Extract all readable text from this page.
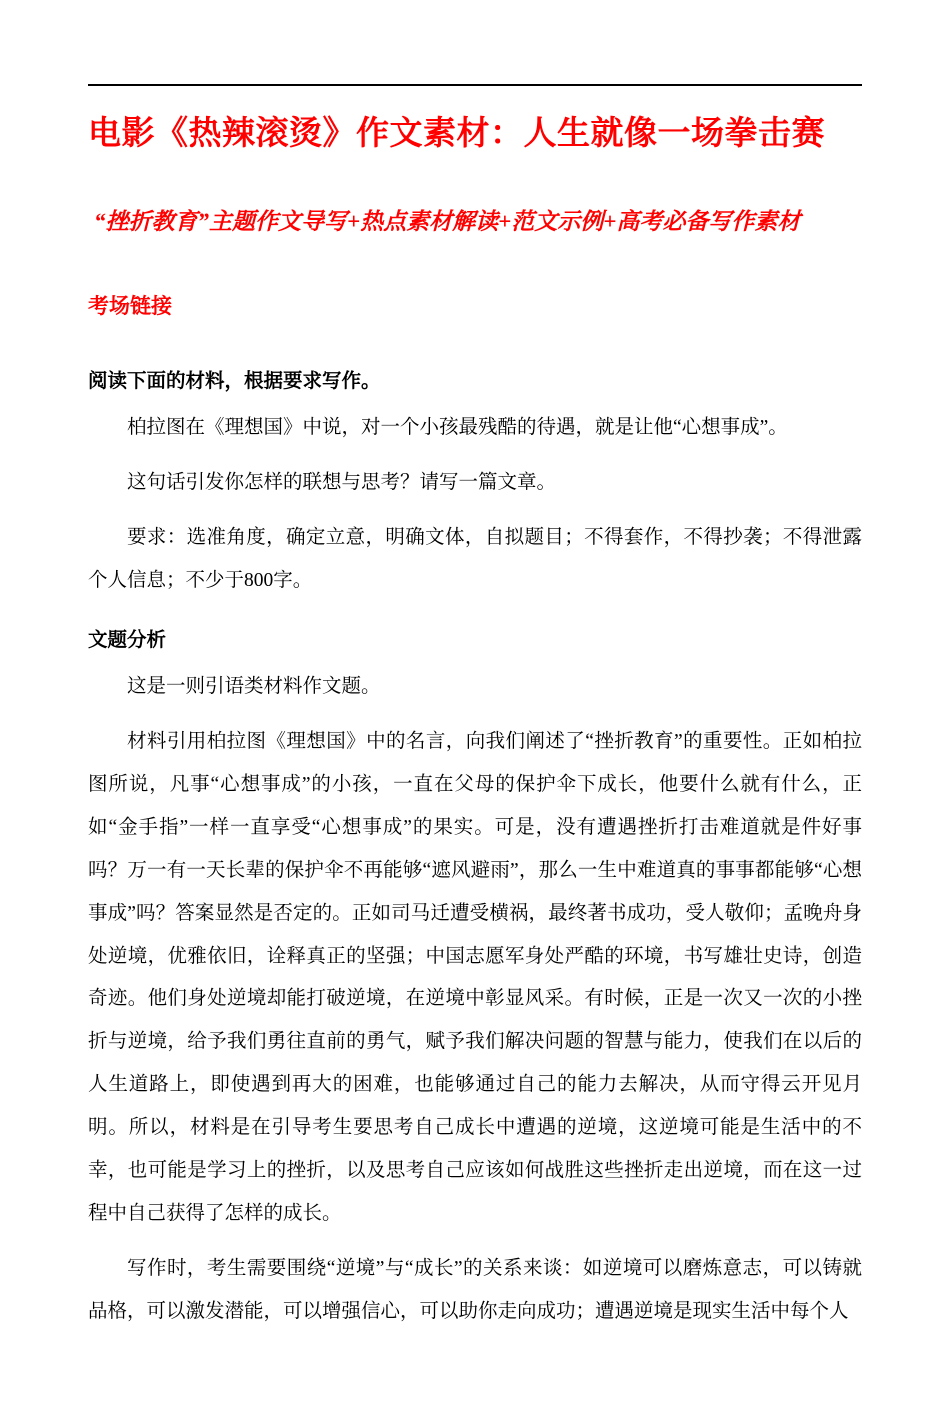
电影《热辣滚烫》作文素材：人生就像一场拳击赛
“挫折教育”主题作文导写+热点素材解读+范文示例+高考必备写作素材
考场链接

阅读下面的材料，根据要求写作。

柏拉图在《理想国》中说，对一个小孩最残酷的待遇，就是让他“心想事成”。

这句话引发你怎样的联想与思考？请写一篇文章。

要求：选准角度，确定立意，明确文体，自拟题目；不得套作，不得抄袭；不得泄露个人信息；不少于800字。

文题分析

这是一则引语类材料作文题。

材料引用柏拉图《理想国》中的名言，向我们阐述了“挫折教育”的重要性。正如柏拉图所说，凡事“心想事成”的小孩，一直在父母的保护伞下成长，他要什么就有什么，正如“金手指”一样一直享受“心想事成”的果实。可是，没有遭遇挫折打击难道就是件好事吗？万一有一天长辈的保护伞不再能够“遮风避雨”，那么一生中难道真的事事都能够“心想事成”吗？答案显然是否定的。正如司马迁遭受横祸，最终著书成功，受人敬仰；孟晚舟身处逆境，优雅依旧，诠释真正的坚强；中国志愿军身处严酷的环境，书写雄壮史诗，创造奇迹。他们身处逆境却能打破逆境，在逆境中彰显风采。有时候，正是一次又一次的小挫折与逆境，给予我们勇往直前的勇气，赋予我们解决问题的智慧与能力，使我们在以后的人生道路上，即使遇到再大的困难，也能够通过自己的能力去解决，从而守得云开见月明。所以，材料是在引导考生要思考自己成长中遭遇的逆境，这逆境可能是生活中的不幸，也可能是学习上的挫折，以及思考自己应该如何战胜这些挫折走出逆境，而在这一过程中自己获得了怎样的成长。

写作时，考生需要围绕“逆境”与“成长”的关系来谈：如逆境可以磨炼意志，可以铸就品格，可以激发潜能，可以增强信心，可以助你走向成功；遭遇逆境是现实生活中每个人
